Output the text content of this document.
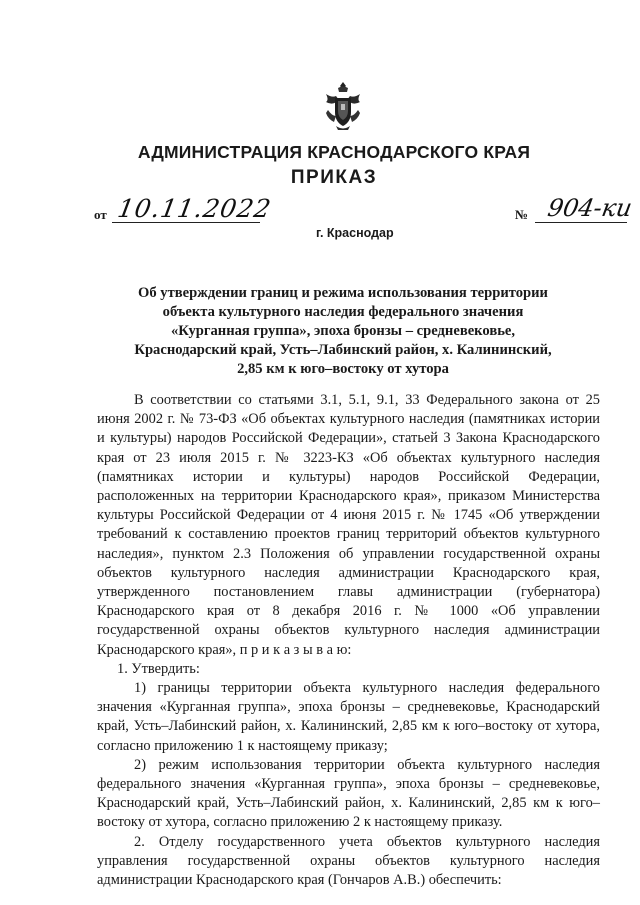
АДМИНИСТРАЦИЯ КРАСНОДАРСКОГО КРАЯ
ПРИКАЗ
от 10.11.2022	№ 904-ки
г. Краснодар
Об утверждении границ и режима использования территории
объекта культурного наследия федерального значения
«Курганная группа», эпоха бронзы – средневековье,
Краснодарский край, Усть–Лабинский район, х. Калининский,
2,85 км к юго–востоку от хутора

В соответствии со статьями 3.1, 5.1, 9.1, 33 Федерального закона от 25 июня 2002 г. № 73-ФЗ «Об объектах культурного наследия (памятниках истории и культуры) народов Российской Федерации», статьей 3 Закона Краснодарского края от 23 июля 2015 г. № 3223-КЗ «Об объектах культурного наследия (памятниках истории и культуры) народов Российской Федерации, расположенных на территории Краснодарского края», приказом Министерства культуры Российской Федерации от 4 июня 2015 г. № 1745 «Об утверждении требований к составлению проектов границ территорий объектов культурного наследия», пунктом 2.3 Положения об управлении государственной охраны объектов культурного наследия администрации Краснодарского края, утвержденного постановлением главы администрации (губернатора) Краснодарского края от 8 декабря 2016 г. № 1000 «Об управлении государственной охраны объектов культурного наследия администрации Краснодарского края», п р и к а з ы в а ю:

1. Утвердить:

1) границы территории объекта культурного наследия федерального значения «Курганная группа», эпоха бронзы – средневековье, Краснодарский край, Усть–Лабинский район, х. Калининский, 2,85 км к юго–востоку от хутора, согласно приложению 1 к настоящему приказу;

2) режим использования территории объекта культурного наследия федерального значения «Курганная группа», эпоха бронзы – средневековье, Краснодарский край, Усть–Лабинский район, х. Калининский, 2,85 км к юго–востоку от хутора, согласно приложению 2 к настоящему приказу.

2. Отделу государственного учета объектов культурного наследия управления государственной охраны объектов культурного наследия администрации Краснодарского края (Гончаров А.В.) обеспечить:
